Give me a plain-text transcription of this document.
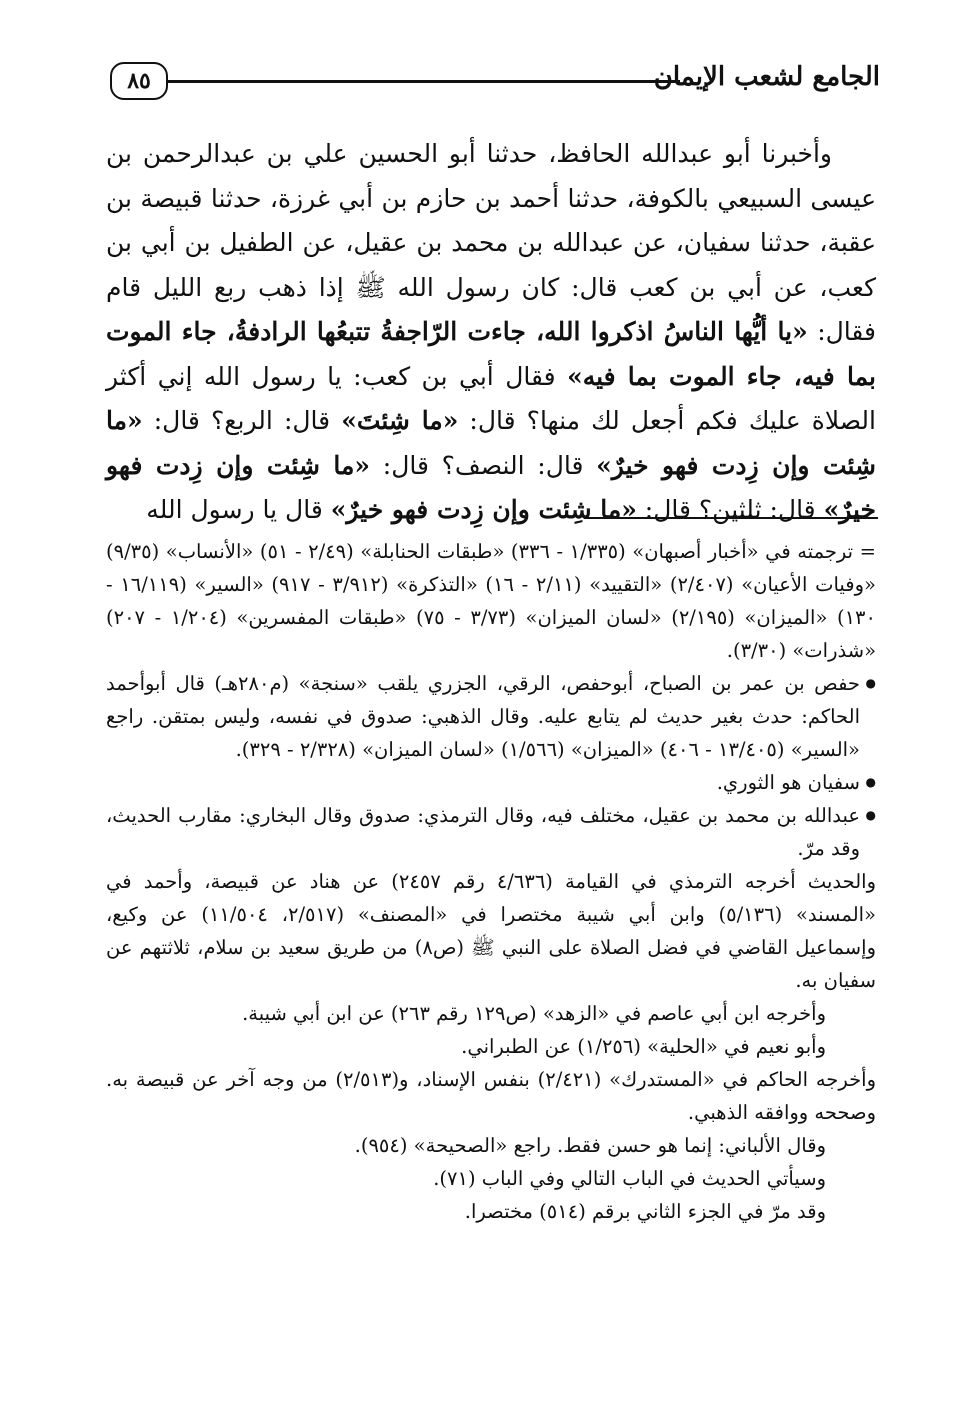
الجامع لشعب الإيمان
٨٥

وأخبرنا أبو عبدالله الحافظ، حدثنا أبو الحسين علي بن عبدالرحمن بن عيسى السبيعي بالكوفة، حدثنا أحمد بن حازم بن أبي غرزة، حدثنا قبيصة بن عقبة، حدثنا سفيان، عن عبدالله بن محمد بن عقيل، عن الطفيل بن أبي بن كعب، عن أبي بن كعب قال: كان رسول الله ﷺ إذا ذهب ربع الليل قام فقال: «يا أيُّها الناسُ اذكروا الله، جاءت الرّاجفةُ تتبعُها الرادفةُ، جاء الموت بما فيه، جاء الموت بما فيه» فقال أبي بن كعب: يا رسول الله إني أكثر الصلاة عليك فكم أجعل لك منها؟ قال: «ما شِئتَ» قال: الربع؟ قال: «ما شِئت وإن زِدت فهو خيرٌ» قال: النصف؟ قال: «ما شِئت وإن زِدت فهو خيرٌ» قال: ثلثين؟ قال: «ما شِئت وإن زِدت فهو خيرٌ» قال يا رسول الله

= ترجمته في «أخبار أصبهان» (١/٣٣٥ - ٣٣٦) «طبقات الحنابلة» (٢/٤٩ - ٥١) «الأنساب» (٩/٣٥) «وفيات الأعيان» (٢/٤٠٧) «التقييد» (٢/١١ - ١٦) «التذكرة» (٣/٩١٢ - ٩١٧) «السير» (١٦/١١٩ - ١٣٠) «الميزان» (٢/١٩٥) «لسان الميزان» (٣/٧٣ - ٧٥) «طبقات المفسرين» (١/٢٠٤ - ٢٠٧) «شذرات» (٣/٣٠).

● حفص بن عمر بن الصباح، أبوحفص، الرقي، الجزري يلقب «سنجة» (م٢٨٠هـ) قال أبوأحمد الحاكم: حدث بغير حديث لم يتابع عليه. وقال الذهبي: صدوق في نفسه، وليس بمتقن. راجع «السير» (١٣/٤٠٥ - ٤٠٦) «الميزان» (١/٥٦٦) «لسان الميزان» (٢/٣٢٨ - ٣٢٩).

● سفيان هو الثوري.

● عبدالله بن محمد بن عقيل، مختلف فيه، وقال الترمذي: صدوق وقال البخاري: مقارب الحديث، وقد مرّ.

والحديث أخرجه الترمذي في القيامة (٤/٦٣٦ رقم ٢٤٥٧) عن هناد عن قبيصة، وأحمد في «المسند» (٥/١٣٦) وابن أبي شيبة مختصرا في «المصنف» (٢/٥١٧، ١١/٥٠٤) عن وكيع، وإسماعيل القاضي في فضل الصلاة على النبي ﷺ (ص٨) من طريق سعيد بن سلام، ثلاثتهم عن سفيان به.

وأخرجه ابن أبي عاصم في «الزهد» (ص١٢٩ رقم ٢٦٣) عن ابن أبي شيبة.

وأبو نعيم في «الحلية» (١/٢٥٦) عن الطبراني.

وأخرجه الحاكم في «المستدرك» (٢/٤٢١) بنفس الإسناد، و(٢/٥١٣) من وجه آخر عن قبيصة به. وصححه ووافقه الذهبي.

وقال الألباني: إنما هو حسن فقط. راجع «الصحيحة» (٩٥٤).

وسيأتي الحديث في الباب التالي وفي الباب (٧١).

وقد مرّ في الجزء الثاني برقم (٥١٤) مختصرا.
